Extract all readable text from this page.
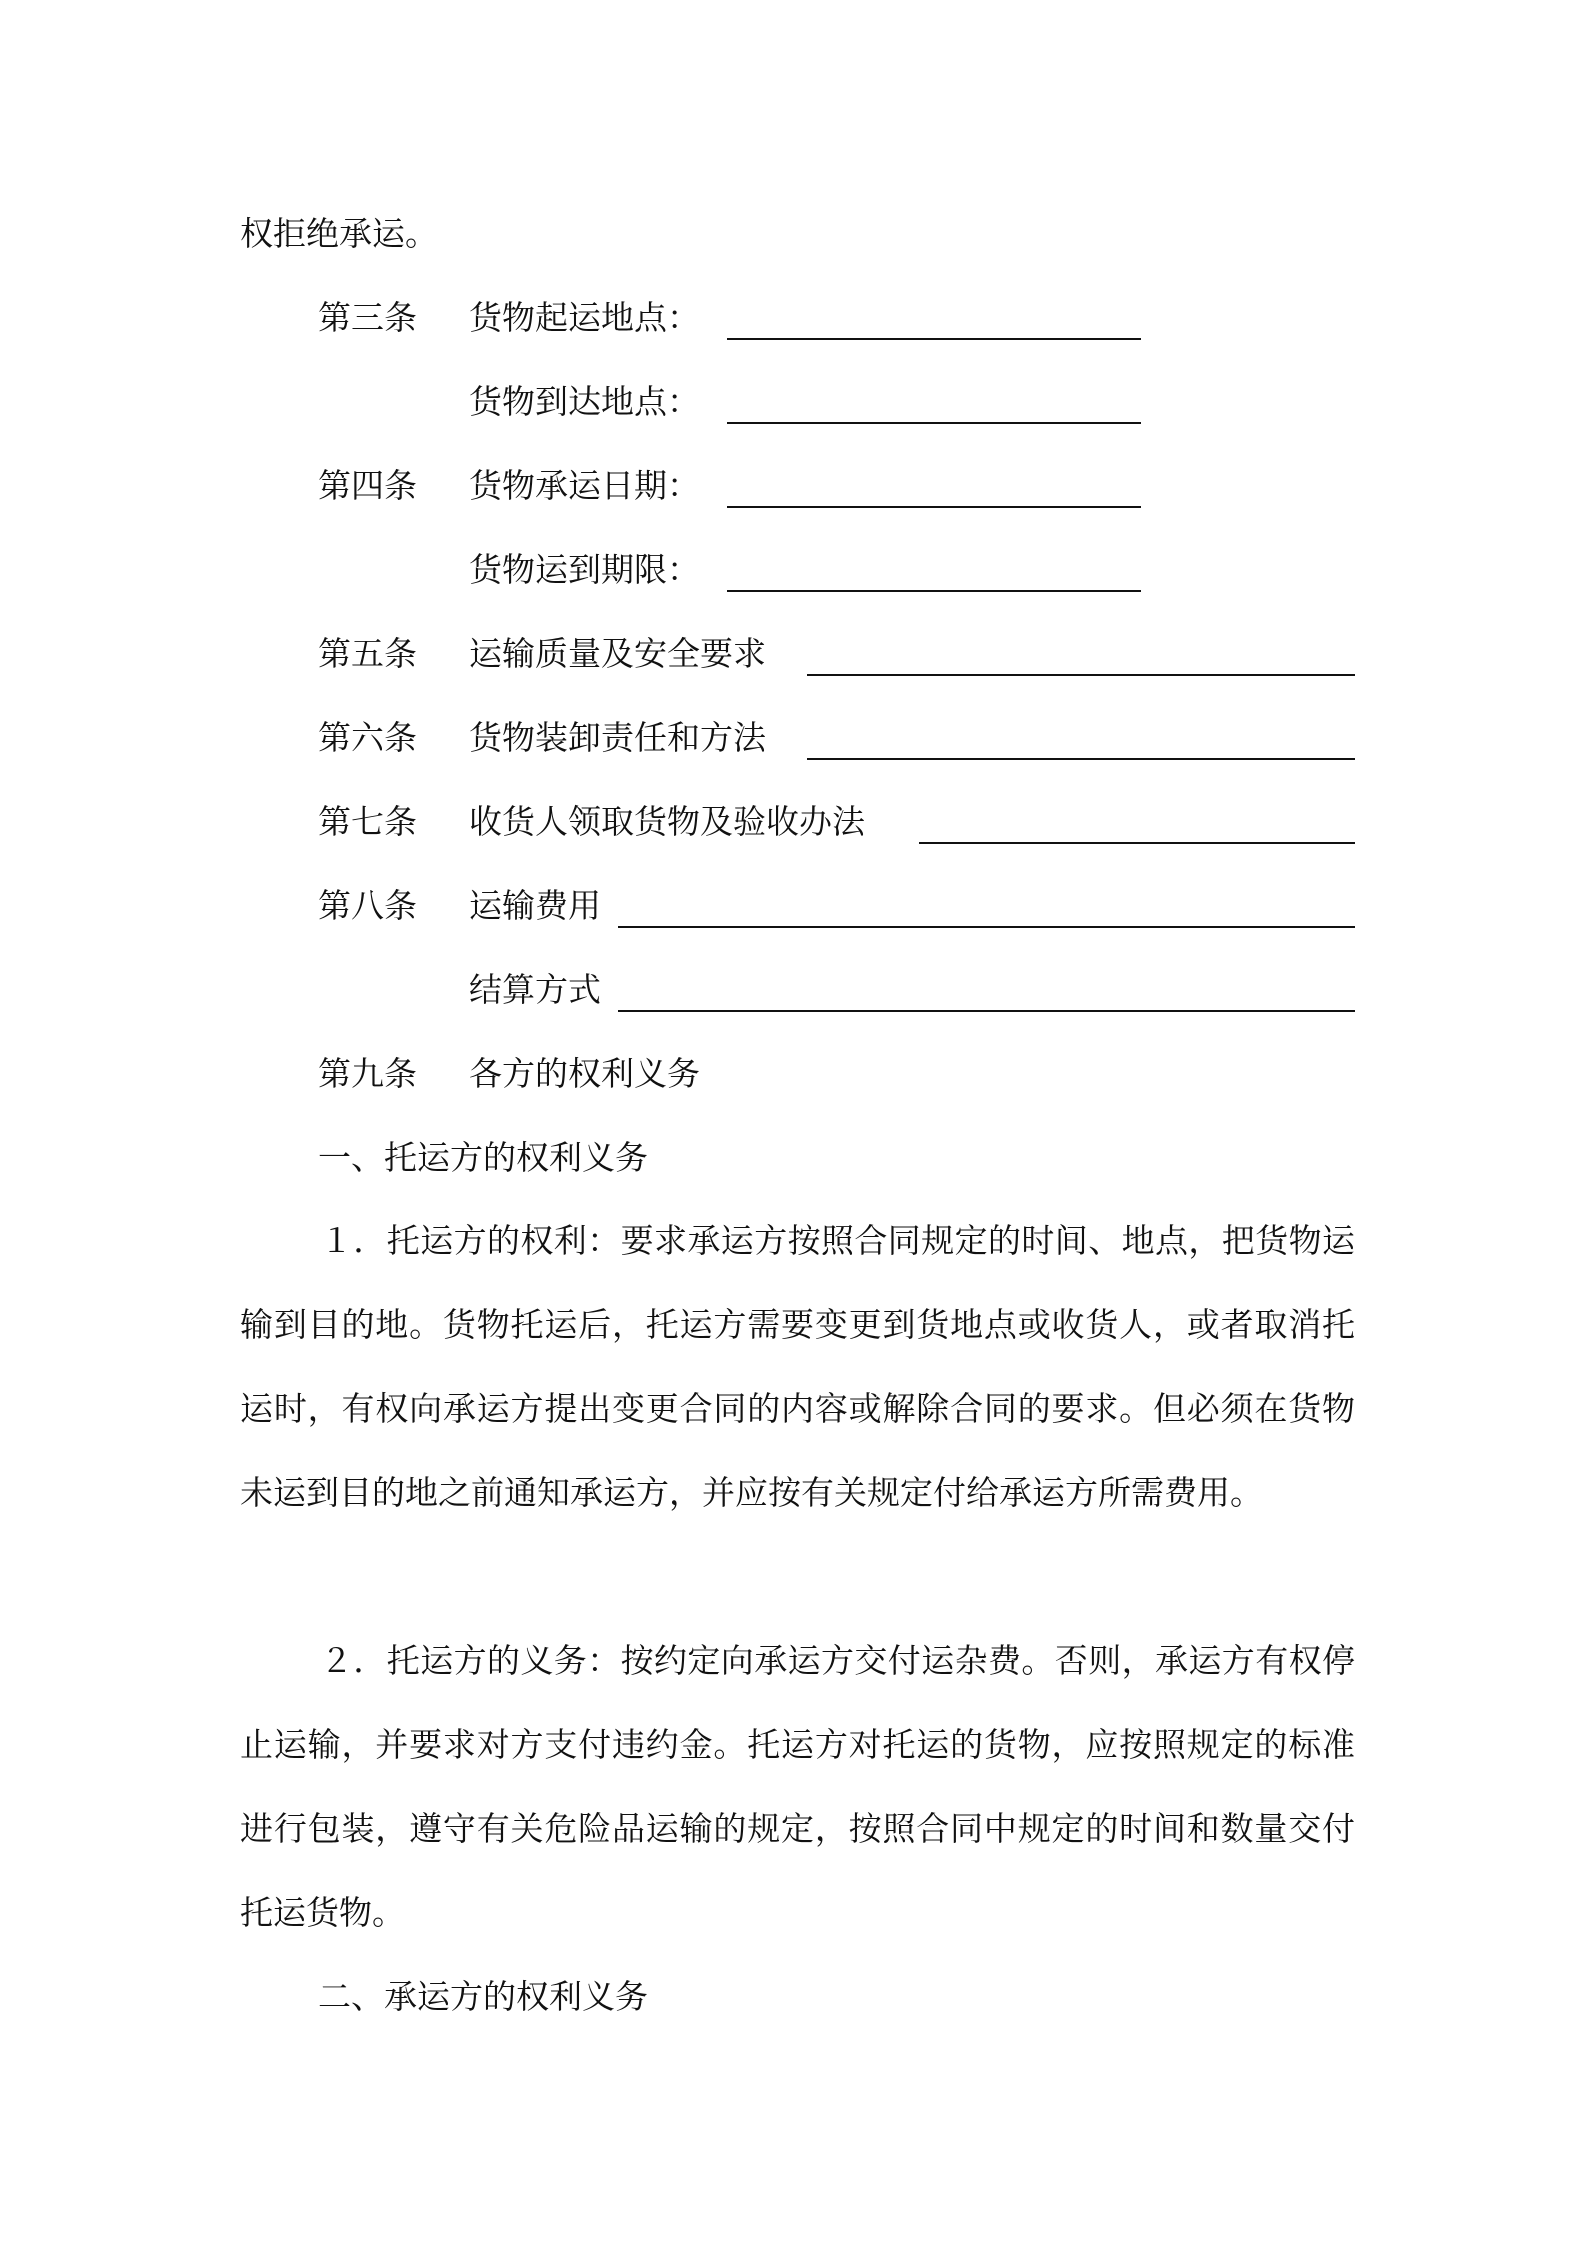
权拒绝承运。
第三条 货物起运地点：
货物到达地点：
第四条 货物承运日期：
货物运到期限：
第五条 运输质量及安全要求
第六条 货物装卸责任和方法
第七条 收货人领取货物及验收办法
第八条 运输费用
结算方式
第九条 各方的权利义务
一、托运方的权利义务
１．托运方的权利：要求承运方按照合同规定的时间、地点，把货物运输到目的地。货物托运后，托运方需要变更到货地点或收货人，或者取消托运时，有权向承运方提出变更合同的内容或解除合同的要求。但必须在货物未运到目的地之前通知承运方，并应按有关规定付给承运方所需费用。
２．托运方的义务：按约定向承运方交付运杂费。否则，承运方有权停止运输，并要求对方支付违约金。托运方对托运的货物，应按照规定的标准进行包装，遵守有关危险品运输的规定，按照合同中规定的时间和数量交付托运货物。
二、承运方的权利义务
